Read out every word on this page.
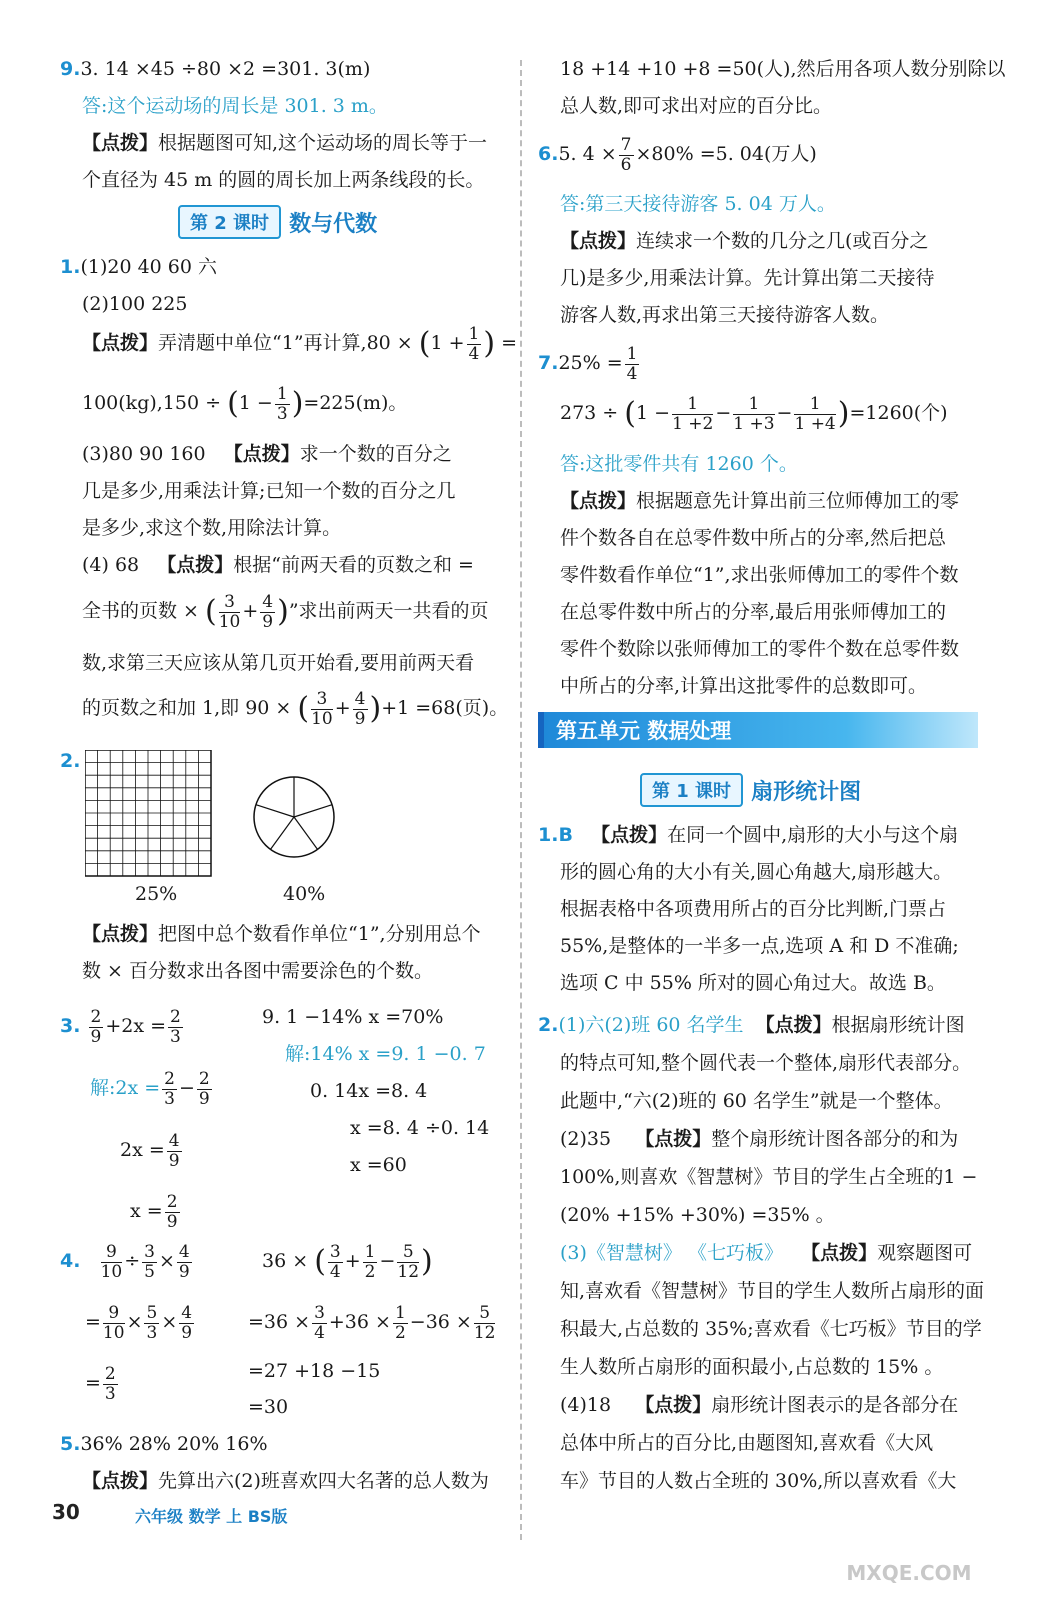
9.3. 14 ×45 ÷80 ×2 =301. 3(m)
答:这个运动场的周长是 301. 3 m。
【点拨】根据题图可知,这个运动场的周长等于一
个直径为 45 m 的圆的周长加上两条线段的长。
第 2 课时 数与代数
1.(1)20 40 60 六
(2)100 225
【点拨】弄清题中单位“1”再计算$,80 \times (1 + \frac{1}{4}$ ) =
$100(kg),150 \div (1 - \frac{1}{3} )=225(m)$。
(3)80 90 160 【点拨】求一个数的百分之
几是多少,用乘法计算;已知一个数的百分之几
是多少,求这个数,用除法计算。
(4) 68 【点拨】根据“前两天看的页数之和 =
全书的页数 × ( $\frac{3}{10} + \frac{4}{9}$ )”求出前两天一共看的页
数,求第三天应该从第几页开始看,要用前两天看
的页数之和加 1,即 90 × ( $\frac{3}{10} + \frac{4}{9} )+1 =68$(页)。
2.
25%	40%
【点拨】把图中总个数看作单位“1”,分别用总个
数 × 百分数求出各图中需要涂色的个数。
3. $\frac{2}{9} +2x = \frac{2}{3}$
解:2x = $\frac{2}{3} - \frac{2}{9}$
$2x = \frac{4}{9}$
$x = \frac{2}{9}$
9. 1 −14% x =70%
解:14% x =9. 1 −0. 7
0. 14x =8. 4
x =8. 4 ÷0. 14
x =60
4. $\frac{9}{10} \div \frac{3}{5} \times \frac{4}{9}$
= $\frac{9}{10} \times \frac{5}{3} \times \frac{4}{9}$
= $\frac{2}{3}$
36 × ( $\frac{3}{4} + \frac{1}{2} - \frac{5}{12}$ )
$=36 \times \frac{3}{4} +36 \times \frac{1}{2} -36 \times \frac{5}{12}$
=27 +18 −15
=30
5.36% 28% 20% 16%
【点拨】先算出六(2)班喜欢四大名著的总人数为
18 +14 +10 +8 =50(人),然后用各项人数分别除以
总人数,即可求出对应的百分比。
6.5. $4 \times \frac{7}{6} \times 80\% =5$. 04(万人)
答:第三天接待游客 5. 04 万人。
【点拨】连续求一个数的几分之几(或百分之
几)是多少,用乘法计算。先计算出第二天接待
游客人数,再求出第三天接待游客人数。
$7.25\% = \frac{1}{4}$
$273 \div (1 - \frac{1}{1 +2} - \frac{1}{1 +3} - \frac{1}{1 +4} )=1260$(个)
答:这批零件共有 1260 个。
【点拨】根据题意先计算出前三位师傅加工的零
件个数各自在总零件数中所占的分率,然后把总
零件数看作单位“1”,求出张师傅加工的零件个数
在总零件数中所占的分率,最后用张师傅加工的
零件个数除以张师傅加工的零件个数在总零件数
中所占的分率,计算出这批零件的总数即可。
第五单元 数据处理
第 1 课时 扇形统计图
1.B 【点拨】在同一个圆中,扇形的大小与这个扇
形的圆心角的大小有关,圆心角越大,扇形越大。
根据表格中各项费用所占的百分比判断,门票占
55%,是整体的一半多一点,选项 A 和 D 不准确;
选项 C 中 55% 所对的圆心角过大。故选 B。
2.(1)六(2)班 60 名学生 【点拨】根据扇形统计图
的特点可知,整个圆代表一个整体,扇形代表部分。
此题中,“六(2)班的 60 名学生”就是一个整体。
(2)35 【点拨】整个扇形统计图各部分的和为
100%,则喜欢《智慧树》节目的学生占全班的1 −
(20% +15% +30%) =35% 。
(3)《智慧树》 《七巧板》 【点拨】观察题图可
知,喜欢看《智慧树》节目的学生人数所占扇形的面
积最大,占总数的 35%;喜欢看《七巧板》节目的学
生人数所占扇形的面积最小,占总数的 15% 。
(4)18 【点拨】扇形统计图表示的是各部分在
总体中所占的百分比,由题图知,喜欢看《大风
车》节目的人数占全班的 30%,所以喜欢看《大
30	六年级 数学 上 BS版
MXQE.COM
